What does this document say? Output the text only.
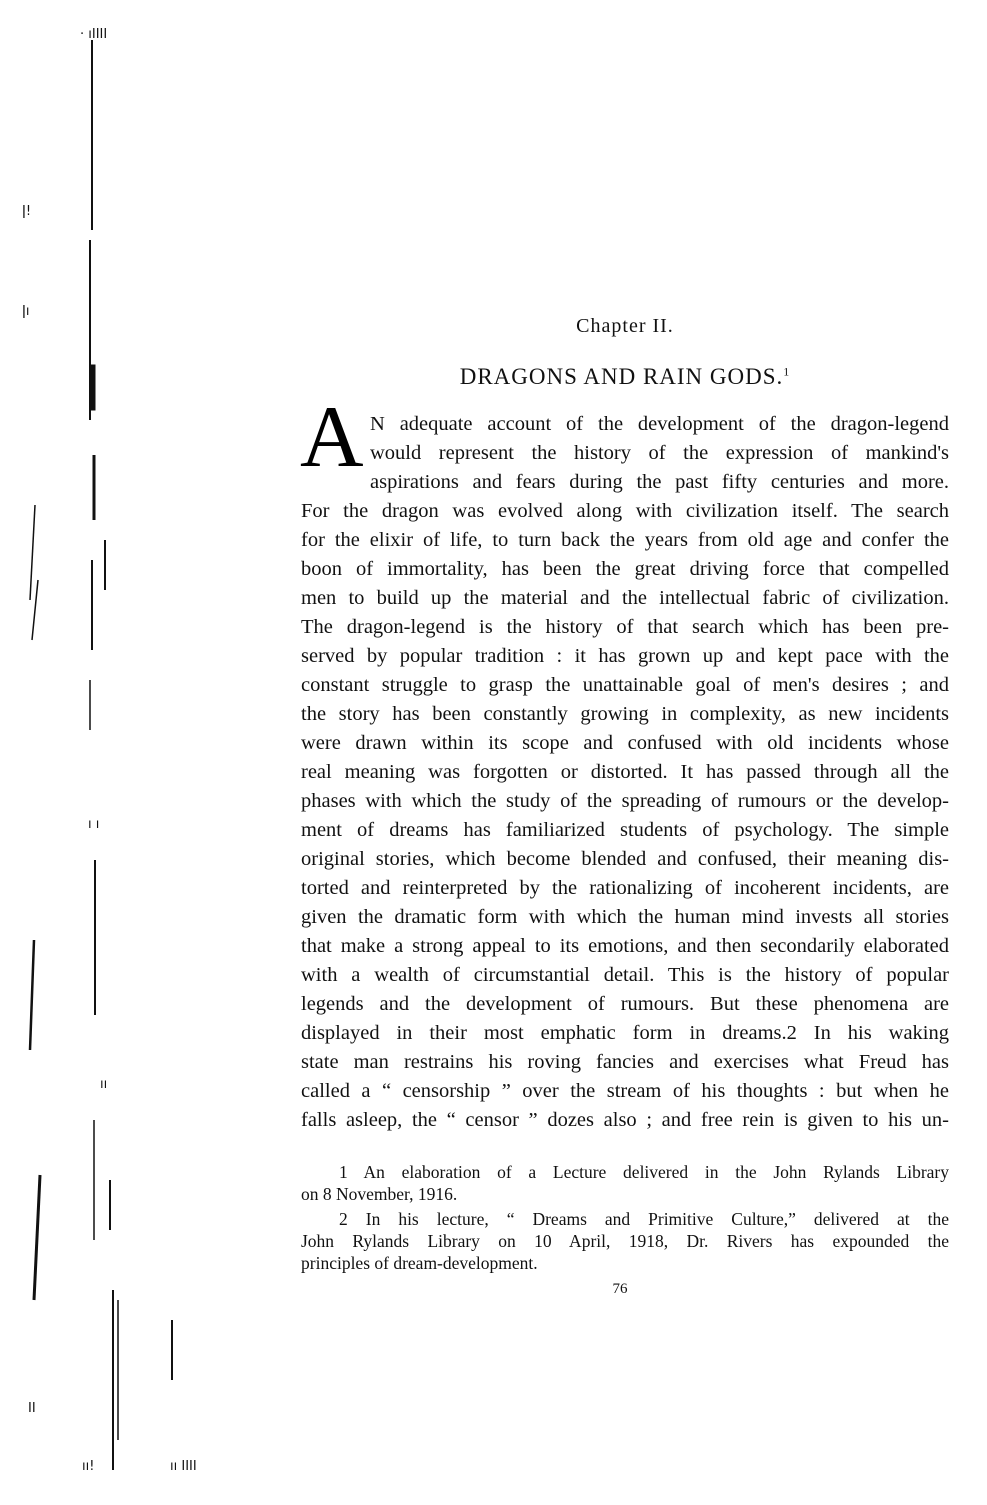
· ıIIII
ǀ!
ǀı
ı ı
ıı
II
ıı!	ıı IIII
Chapter II.
DRAGONS AND RAIN GODS.$^1$
A N adequate account of the development of the dragon-legend
would represent the history of the expression of mankind's
aspirations and fears during the past fifty centuries and more.
For the dragon was evolved along with civilization itself. The search
for the elixir of life, to turn back the years from old age and confer the
boon of immortality, has been the great driving force that compelled
men to build up the material and the intellectual fabric of civilization.
The dragon-legend is the history of that search which has been pre-
served by popular tradition : it has grown up and kept pace with the
constant struggle to grasp the unattainable goal of men's desires ; and
the story has been constantly growing in complexity, as new incidents
were drawn within its scope and confused with old incidents whose
real meaning was forgotten or distorted. It has passed through all the
phases with which the study of the spreading of rumours or the develop-
ment of dreams has familiarized students of psychology. The simple
original stories, which become blended and confused, their meaning dis-
torted and reinterpreted by the rationalizing of incoherent incidents, are
given the dramatic form with which the human mind invests all stories
that make a strong appeal to its emotions, and then secondarily elaborated
with a wealth of circumstantial detail. This is the history of popular
legends and the development of rumours. But these phenomena are
displayed in their most emphatic form in dreams.2 In his waking
state man restrains his roving fancies and exercises what Freud has
called a “ censorship ” over the stream of his thoughts : but when he
falls asleep, the “ censor ” dozes also ; and free rein is given to his un-
1 An elaboration of a Lecture delivered in the John Rylands Library
on 8 November, 1916.
2 In his lecture, “ Dreams and Primitive Culture,” delivered at the
John Rylands Library on 10 April, 1918, Dr. Rivers has expounded the
principles of dream-development.
76
